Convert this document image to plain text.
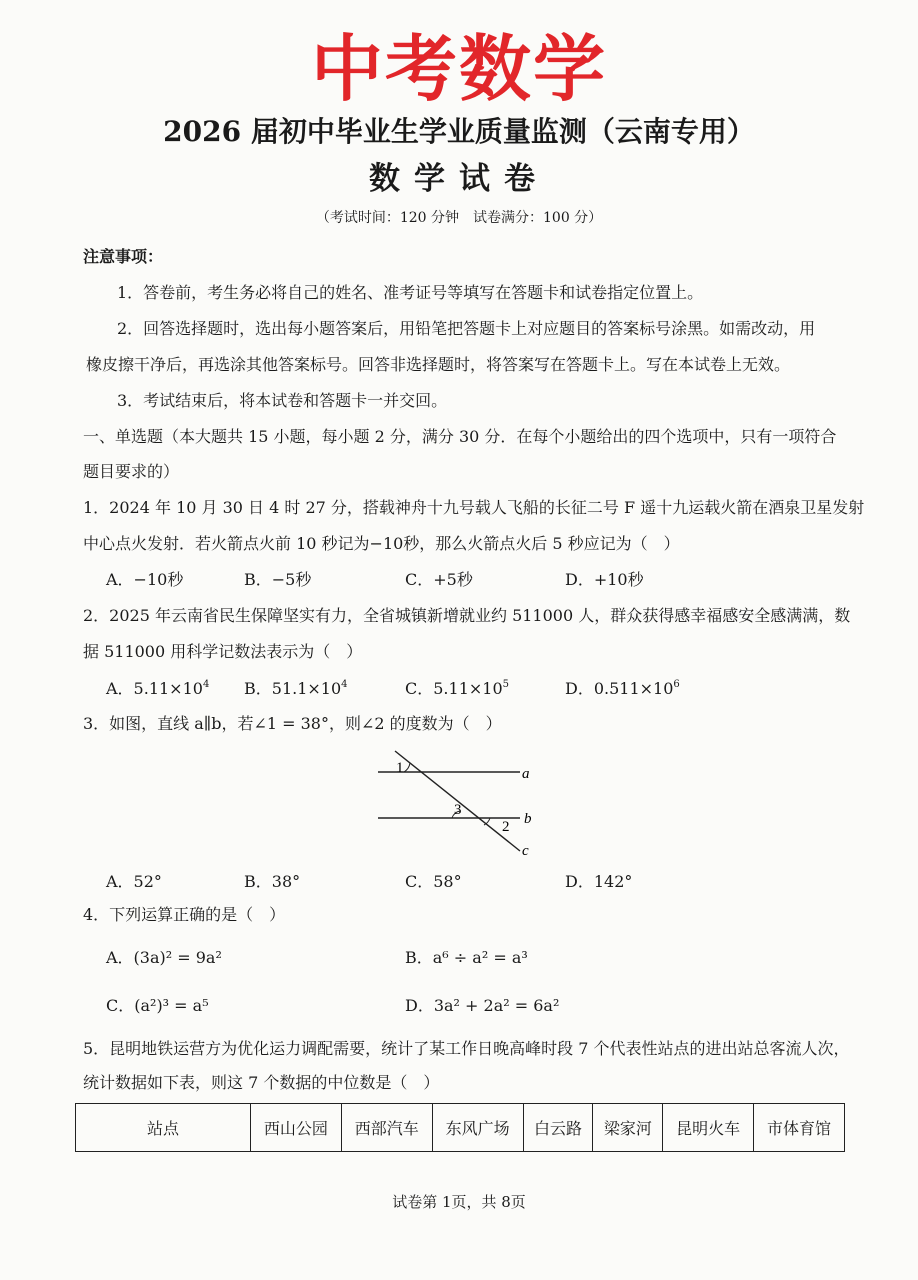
中考数学
2026 届初中毕业生学业质量监测（云南专用）
数学试卷
（考试时间：120 分钟　试卷满分：100 分）
注意事项：
1．答卷前，考生务必将自己的姓名、准考证号等填写在答题卡和试卷指定位置上。
2．回答选择题时，选出每小题答案后，用铅笔把答题卡上对应题目的答案标号涂黑。如需改动，用
橡皮擦干净后，再选涂其他答案标号。回答非选择题时，将答案写在答题卡上。写在本试卷上无效。
3．考试结束后，将本试卷和答题卡一并交回。
一、单选题（本大题共 15 小题，每小题 2 分，满分 30 分．在每个小题给出的四个选项中，只有一项符合
题目要求的）
1．2024 年 10 月 30 日 4 时 27 分，搭载神舟十九号载人飞船的长征二号 F 遥十九运载火箭在酒泉卫星发射
中心点火发射．若火箭点火前 10 秒记为−10秒，那么火箭点火后 5 秒应记为（　）
A．−10秒	B．−5秒	C．+5秒	D．+10秒
2．2025 年云南省民生保障坚实有力，全省城镇新增就业约 511000 人，群众获得感幸福感安全感满满，数
据 511000 用科学记数法表示为（　）
A．$5.11\times 10^4$ B．$51.1\times 10^4$	C．$5.11\times 10^5$	D．$0.511\times 10^6$
3．如图，直线 a∥b，若∠1 = 38°，则∠2 的度数为（　）
a
b
c
1
3
2
A．52°	B．38°	C．58°	D．142°
4．下列运算正确的是（　）
A．(3a)² = 9a²	B．a⁶ ÷ a² = a³
C．(a²)³ = a⁵	D．3a² + 2a² = 6a²
5．昆明地铁运营方为优化运力调配需要，统计了某工作日晚高峰时段 7 个代表性站点的进出站总客流人次，
统计数据如下表，则这 7 个数据的中位数是（　）
站点	西山公园	西部汽车	东风广场	白云路	梁家河	昆明火车	市体育馆
试卷第 1页，共 8页
